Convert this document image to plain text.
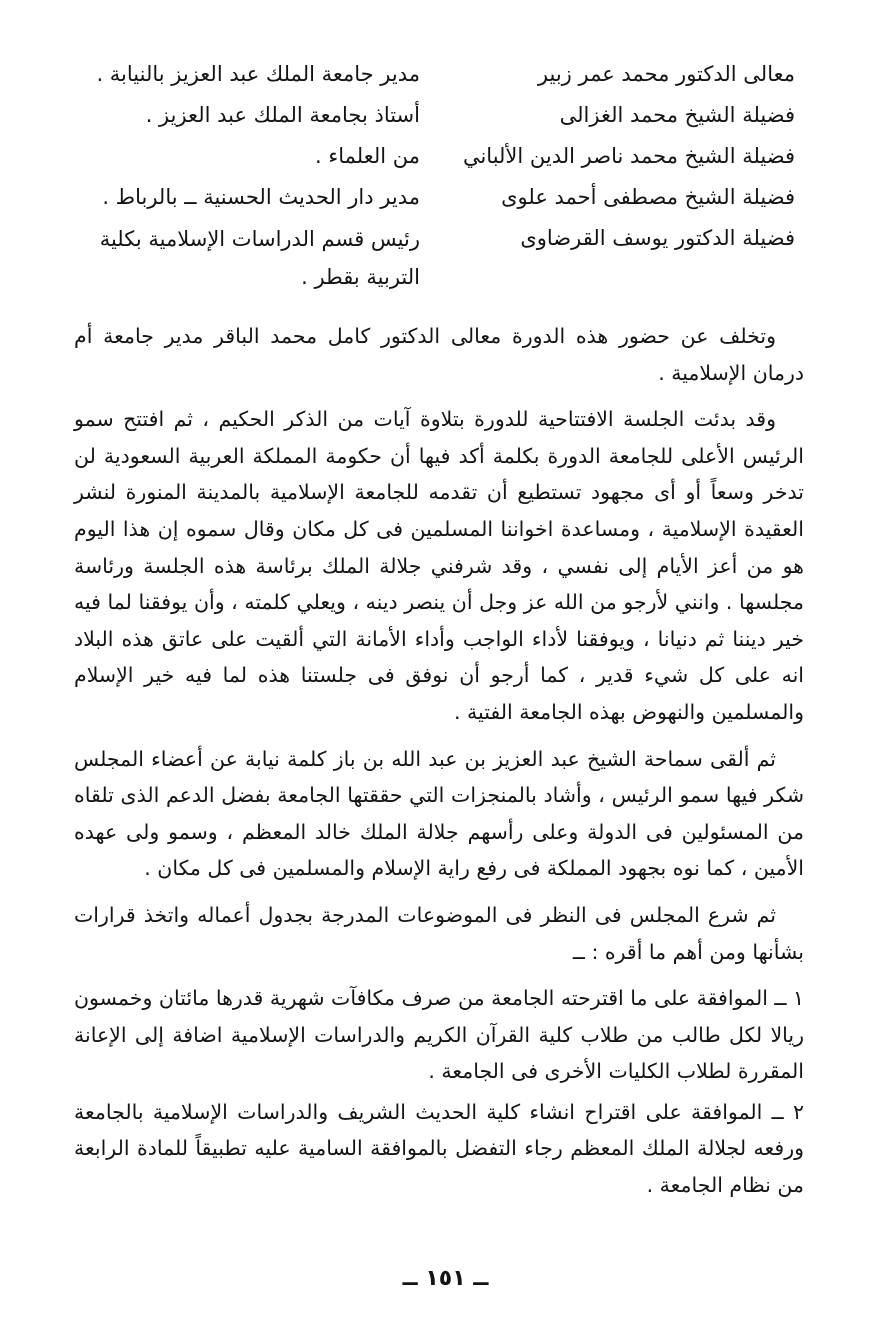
معالى الدكتور محمد عمر زبير
مدير جامعة الملك عبد العزيز بالنيابة .
فضيلة الشيخ محمد الغزالى
أستاذ بجامعة الملك عبد العزيز .
فضيلة الشيخ محمد ناصر الدين الألباني
من العلماء .
فضيلة الشيخ مصطفى أحمد علوى
مدير دار الحديث الحسنية ــ بالرباط .
فضيلة الدكتور يوسف القرضاوى
رئيس قسم الدراسات الإسلامية بكلية التربية بقطر .

وتخلف عن حضور هذه الدورة معالى الدكتور كامل محمد الباقر مدير جامعة أم درمان الإسلامية .

وقد بدئت الجلسة الافتتاحية للدورة بتلاوة آيات من الذكر الحكيم ، ثم افتتح سمو الرئيس الأعلى للجامعة الدورة بكلمة أكد فيها أن حكومة المملكة العربية السعودية لن تدخر وسعاً أو أى مجهود تستطيع أن تقدمه للجامعة الإسلامية بالمدينة المنورة لنشر العقيدة الإسلامية ، ومساعدة اخواننا المسلمين فى كل مكان وقال سموه إن هذا اليوم هو من أعز الأيام إلى نفسي ، وقد شرفني جلالة الملك برئاسة هذه الجلسة ورئاسة مجلسها . وانني لأرجو من الله عز وجل أن ينصر دينه ، ويعلي كلمته ، وأن يوفقنا لما فيه خير ديننا ثم دنيانا ، ويوفقنا لأداء الواجب وأداء الأمانة التي ألقيت على عاتق هذه البلاد انه على كل شيء قدير ، كما أرجو أن نوفق فى جلستنا هذه لما فيه خير الإسلام والمسلمين والنهوض بهذه الجامعة الفتية .

ثم ألقى سماحة الشيخ عبد العزيز بن عبد الله بن باز كلمة نيابة عن أعضاء المجلس شكر فيها سمو الرئيس ، وأشاد بالمنجزات التي حققتها الجامعة بفضل الدعم الذى تلقاه من المسئولين فى الدولة وعلى رأسهم جلالة الملك خالد المعظم ، وسمو ولى عهده الأمين ، كما نوه بجهود المملكة فى رفع راية الإسلام والمسلمين فى كل مكان .

ثم شرع المجلس فى النظر فى الموضوعات المدرجة بجدول أعماله واتخذ قرارات بشأنها ومن أهم ما أقره : ــ

١ ــ الموافقة على ما اقترحته الجامعة من صرف مكافآت شهرية قدرها مائتان وخمسون ريالا لكل طالب من طلاب كلية القرآن الكريم والدراسات الإسلامية اضافة إلى الإعانة المقررة لطلاب الكليات الأخرى فى الجامعة .

٢ ــ الموافقة على اقتراح انشاء كلية الحديث الشريف والدراسات الإسلامية بالجامعة ورفعه لجلالة الملك المعظم رجاء التفضل بالموافقة السامية عليه تطبيقاً للمادة الرابعة من نظام الجامعة .

ــ ١٥١ ــ
